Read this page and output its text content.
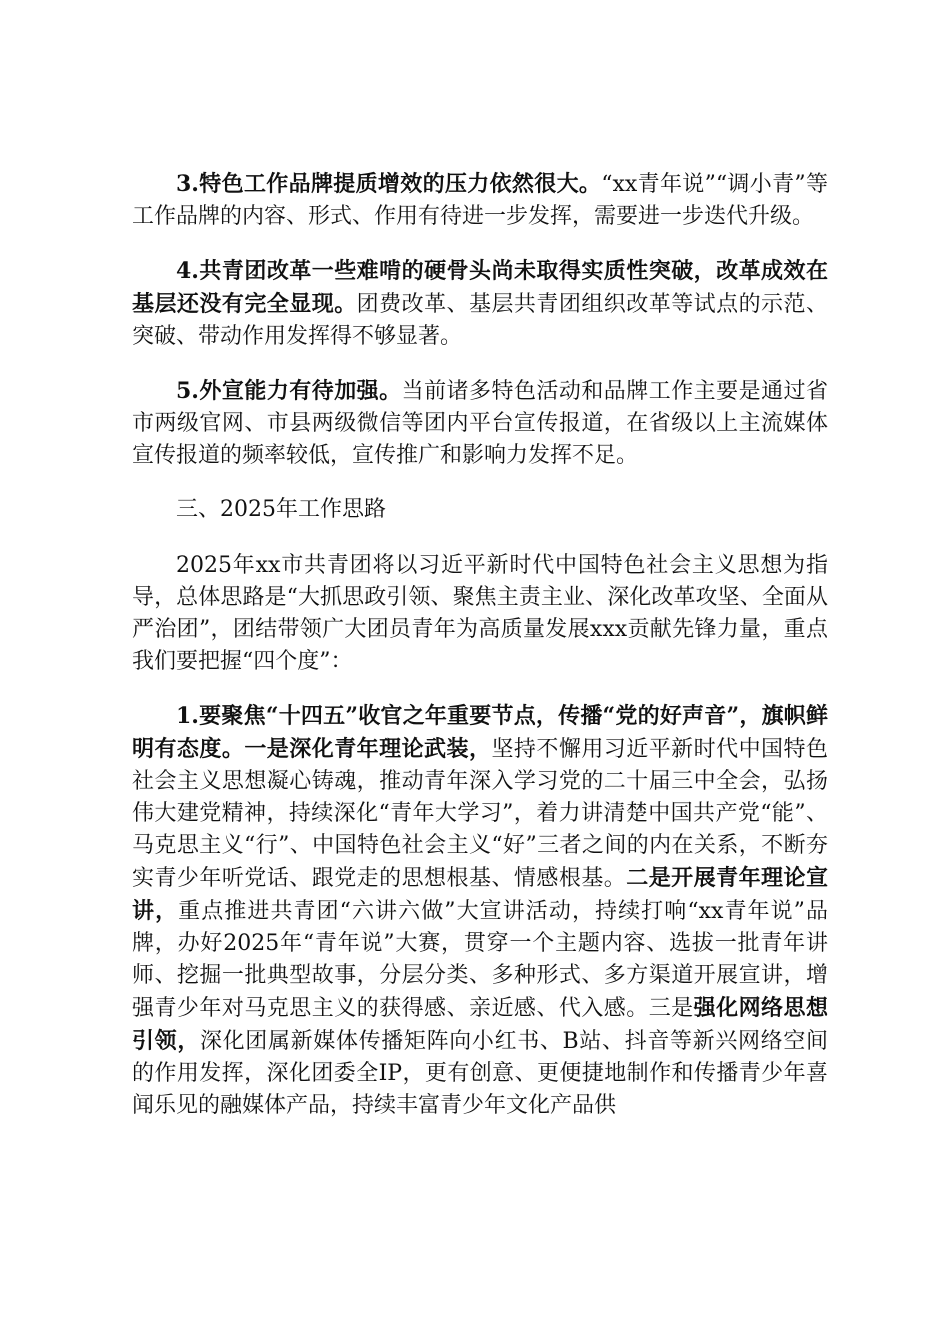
3.特色工作品牌提质增效的压力依然很大。“xx青年说”“调小青”等工作品牌的内容、形式、作用有待进一步发挥，需要进一步迭代升级。

4.共青团改革一些难啃的硬骨头尚未取得实质性突破，改革成效在基层还没有完全显现。团费改革、基层共青团组织改革等试点的示范、突破、带动作用发挥得不够显著。

5.外宣能力有待加强。当前诸多特色活动和品牌工作主要是通过省市两级官网、市县两级微信等团内平台宣传报道，在省级以上主流媒体宣传报道的频率较低，宣传推广和影响力发挥不足。

三、2025年工作思路

2025年xx市共青团将以习近平新时代中国特色社会主义思想为指导，总体思路是“大抓思政引领、聚焦主责主业、深化改革攻坚、全面从严治团”，团结带领广大团员青年为高质量发展xxx贡献先锋力量，重点我们要把握“四个度”：

1.要聚焦“十四五”收官之年重要节点，传播“党的好声音”，旗帜鲜明有态度。一是深化青年理论武装，坚持不懈用习近平新时代中国特色社会主义思想凝心铸魂，推动青年深入学习党的二十届三中全会，弘扬伟大建党精神，持续深化“青年大学习”，着力讲清楚中国共产党“能”、马克思主义“行”、中国特色社会主义“好”三者之间的内在关系，不断夯实青少年听党话、跟党走的思想根基、情感根基。二是开展青年理论宣讲，重点推进共青团“六讲六做”大宣讲活动，持续打响“xx青年说”品牌，办好2025年“青年说”大赛，贯穿一个主题内容、选拔一批青年讲师、挖掘一批典型故事，分层分类、多种形式、多方渠道开展宣讲，增强青少年对马克思主义的获得感、亲近感、代入感。三是强化网络思想引领，深化团属新媒体传播矩阵向小红书、B站、抖音等新兴网络空间的作用发挥，深化团委全IP，更有创意、更便捷地制作和传播青少年喜闻乐见的融媒体产品，持续丰富青少年文化产品供
